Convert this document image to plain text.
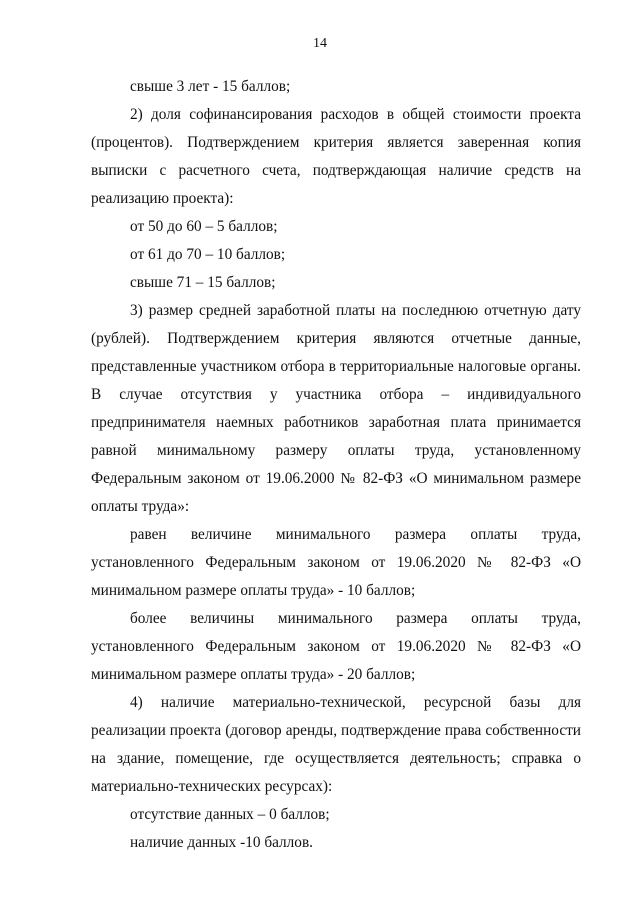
14

свыше 3 лет - 15 баллов;

2) доля софинансирования расходов в общей стоимости проекта (процентов). Подтверждением критерия является заверенная копия выписки с расчетного счета, подтверждающая наличие средств на реализацию проекта):

от 50 до 60 – 5 баллов;

от 61 до 70 – 10 баллов;

свыше 71 – 15 баллов;

3) размер средней заработной платы на последнюю отчетную дату (рублей). Подтверждением критерия являются отчетные данные, представленные участником отбора в территориальные налоговые органы.

В случае отсутствия у участника отбора – индивидуального предпринимателя наемных работников заработная плата принимается равной минимальному размеру оплаты труда, установленному Федеральным законом от 19.06.2000 № 82-ФЗ «О минимальном размере оплаты труда»:

равен величине минимального размера оплаты труда, установленного Федеральным законом от 19.06.2020 № 82-ФЗ «О минимальном размере оплаты труда» - 10 баллов;

более величины минимального размера оплаты труда, установленного Федеральным законом от 19.06.2020 № 82-ФЗ «О минимальном размере оплаты труда» - 20 баллов;

4) наличие материально-технической, ресурсной базы для реализации проекта (договор аренды, подтверждение права собственности на здание, помещение, где осуществляется деятельность; справка о материально-технических ресурсах):

отсутствие данных – 0 баллов;

наличие данных -10 баллов.
